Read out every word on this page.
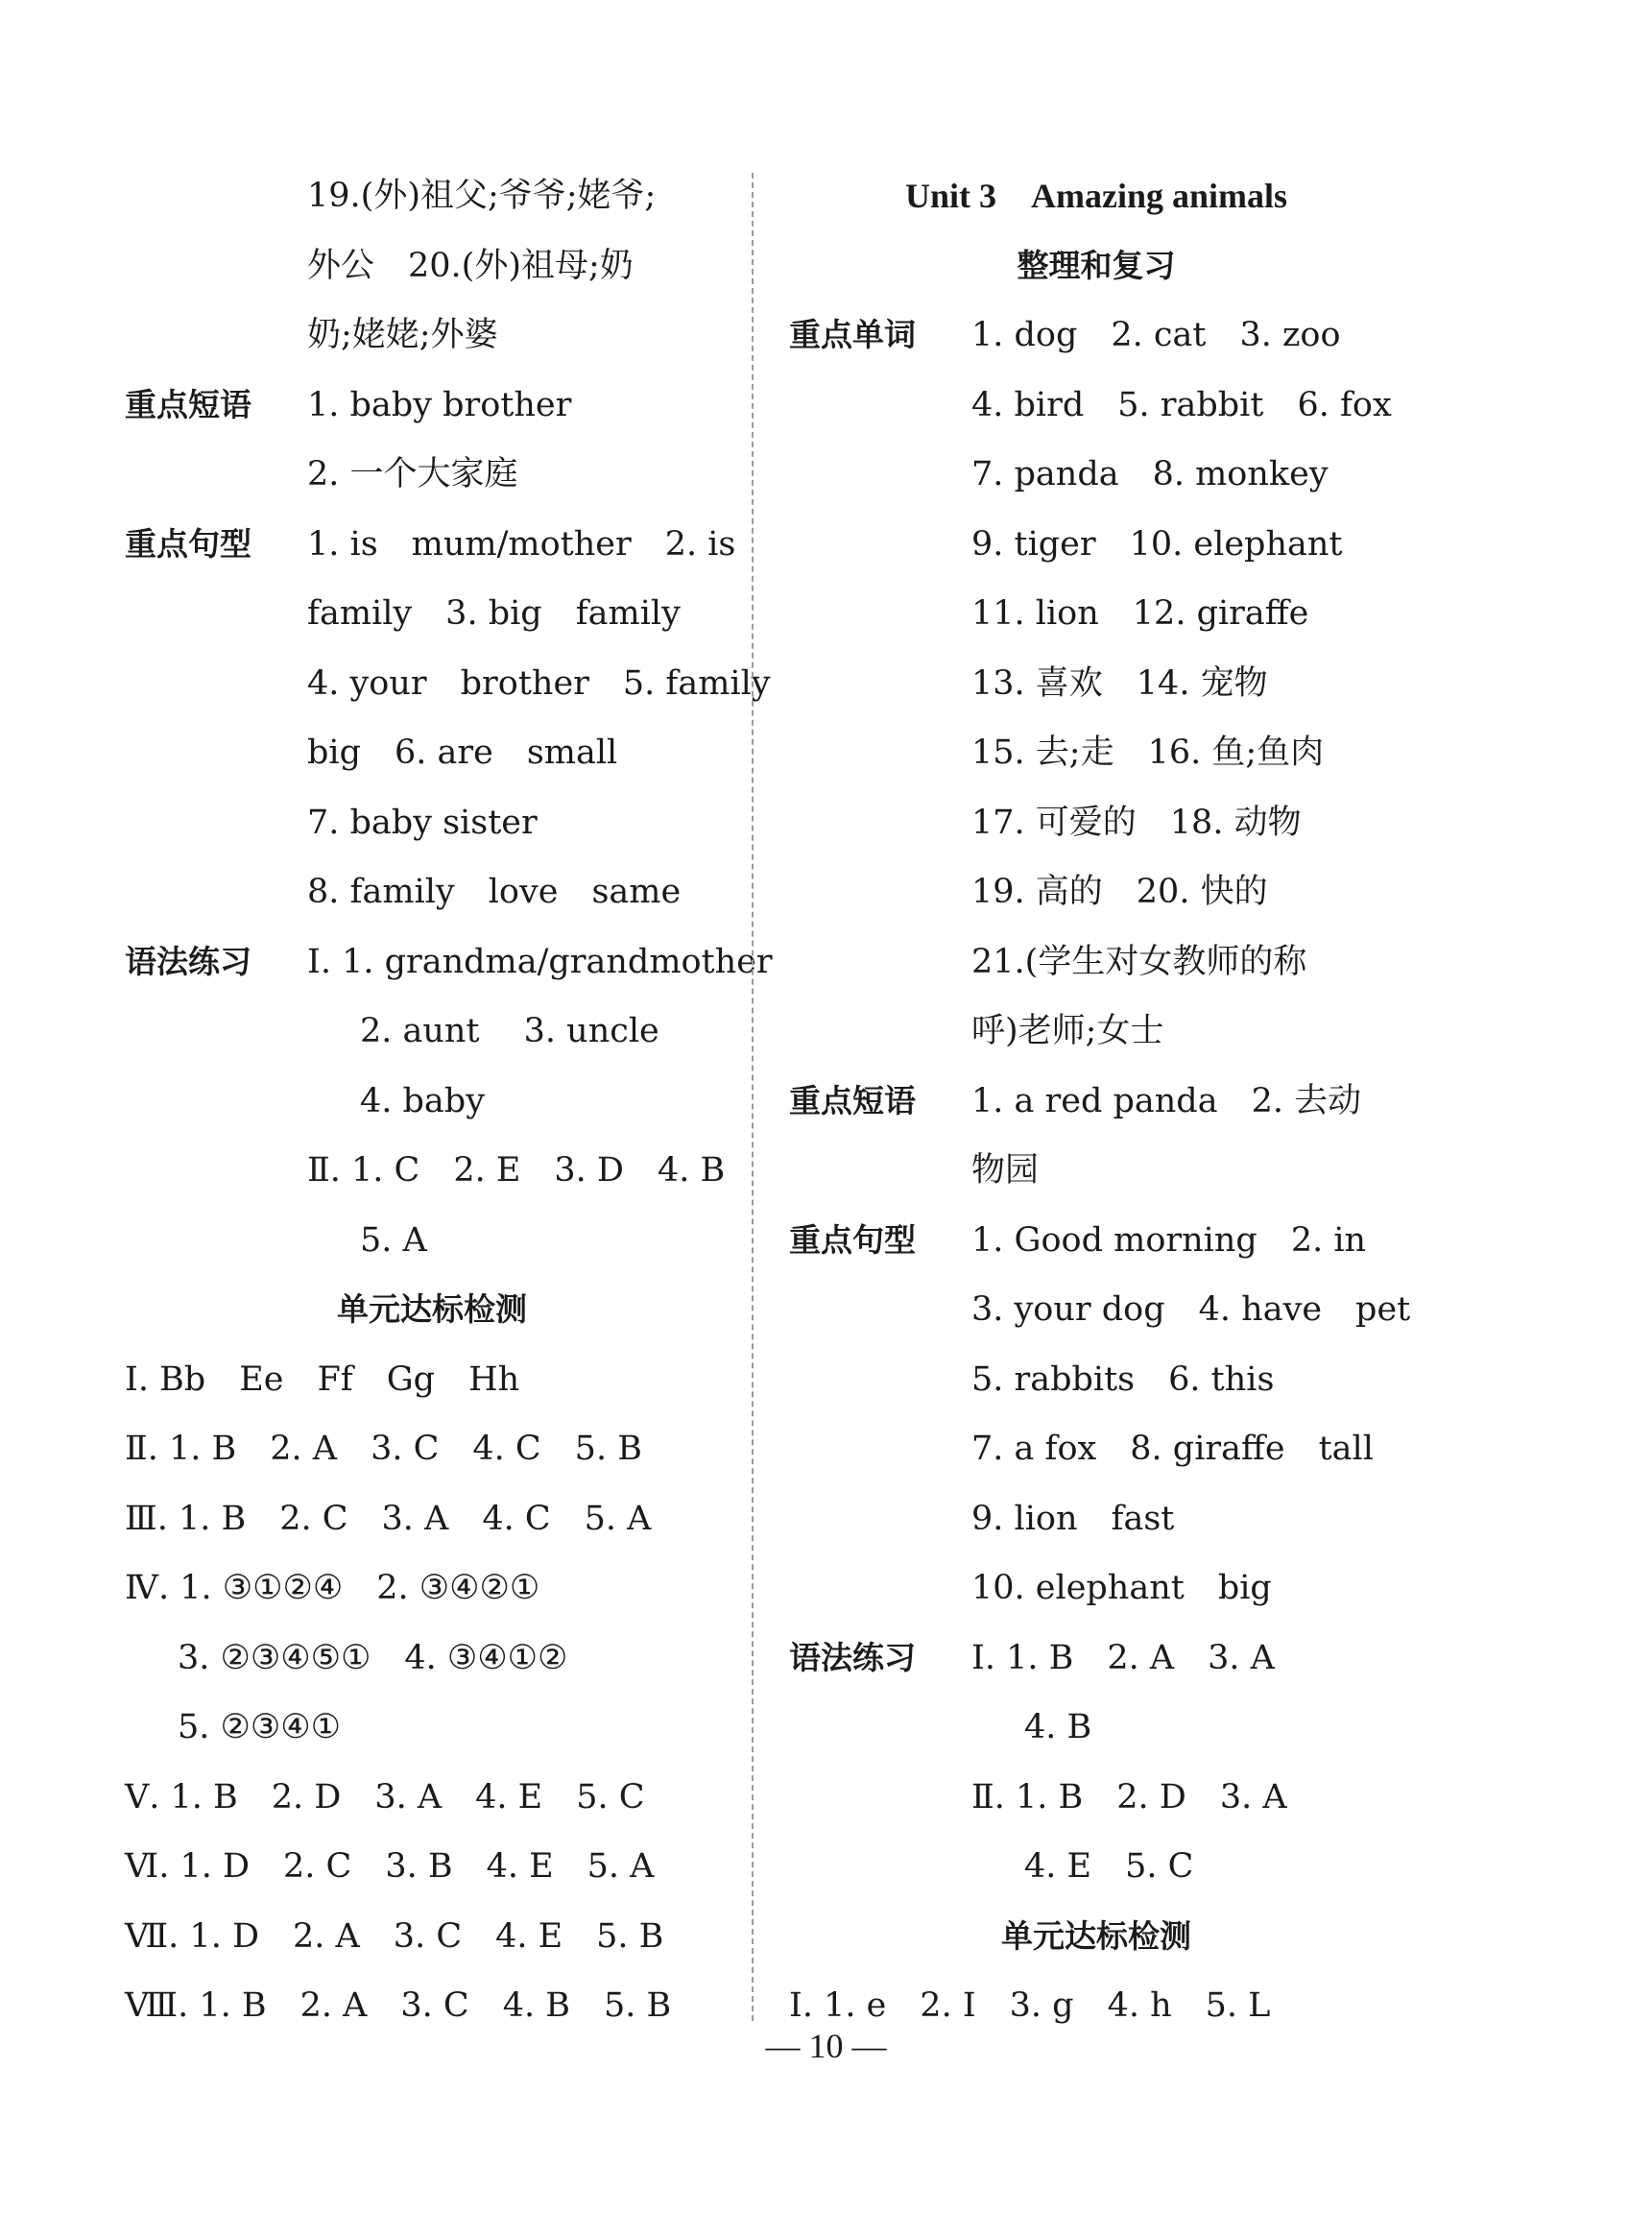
19.(外)祖父;爷爷;姥爷;
外公　20.(外)祖母;奶
奶;姥姥;外婆
重点短语 1. baby brother
2. 一个大家庭
重点句型 1. is　mum/mother　2. is
family　3. big　family
4. your　brother　5. family
big　6. are　small
7. baby sister
8. family　love　same
语法练习 Ⅰ. 1. grandma/grandmother
2. aunt　 3. uncle
4. baby
Ⅱ. 1. C　2. E　3. D　4. B
5. A
单元达标检测
Ⅰ. Bb　Ee　Ff　Gg　Hh
Ⅱ. 1. B　2. A　3. C　4. C　5. B
Ⅲ. 1. B　2. C　3. A　4. C　5. A
Ⅳ. 1. ③①②④　2. ③④②①
3. ②③④⑤①　4. ③④①②
5. ②③④①
Ⅴ. 1. B　2. D　3. A　4. E　5. C
Ⅵ. 1. D　2. C　3. B　4. E　5. A
Ⅶ. 1. D　2. A　3. C　4. E　5. B
Ⅷ. 1. B　2. A　3. C　4. B　5. B
Unit 3　Amazing animals
整理和复习
重点单词 1. dog　2. cat　3. zoo
4. bird　5. rabbit　6. fox
7. panda　8. monkey
9. tiger　10. elephant
11. lion　12. giraffe
13. 喜欢　14. 宠物
15. 去;走　16. 鱼;鱼肉
17. 可爱的　18. 动物
19. 高的　20. 快的
21.(学生对女教师的称
呼)老师;女士
重点短语 1. a red panda　2. 去动
物园
重点句型 1. Good morning　2. in
3. your dog　4. have　pet
5. rabbits　6. this
7. a fox　8. giraffe　tall
9. lion　fast
10. elephant　big
语法练习 Ⅰ. 1. B　2. A　3. A
4. B
Ⅱ. 1. B　2. D　3. A
4. E　5. C
单元达标检测
Ⅰ. 1. e　2. I　3. g　4. h　5. L
— 10 —
